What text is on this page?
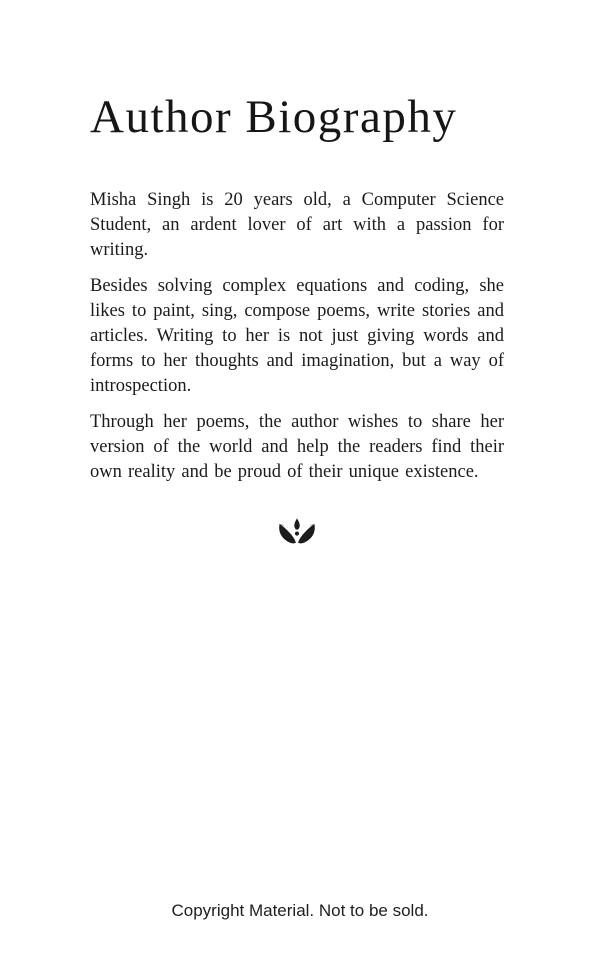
Author Biography

Misha Singh is 20 years old, a Computer Science Student, an ardent lover of art with a passion for writing.

Besides solving complex equations and coding, she likes to paint, sing, compose poems, write stories and articles. Writing to her is not just giving words and forms to her thoughts and imagination, but a way of introspection.

Through her poems, the author wishes to share her version of the world and help the readers find their own reality and be proud of their unique existence.

Copyright Material. Not to be sold.
